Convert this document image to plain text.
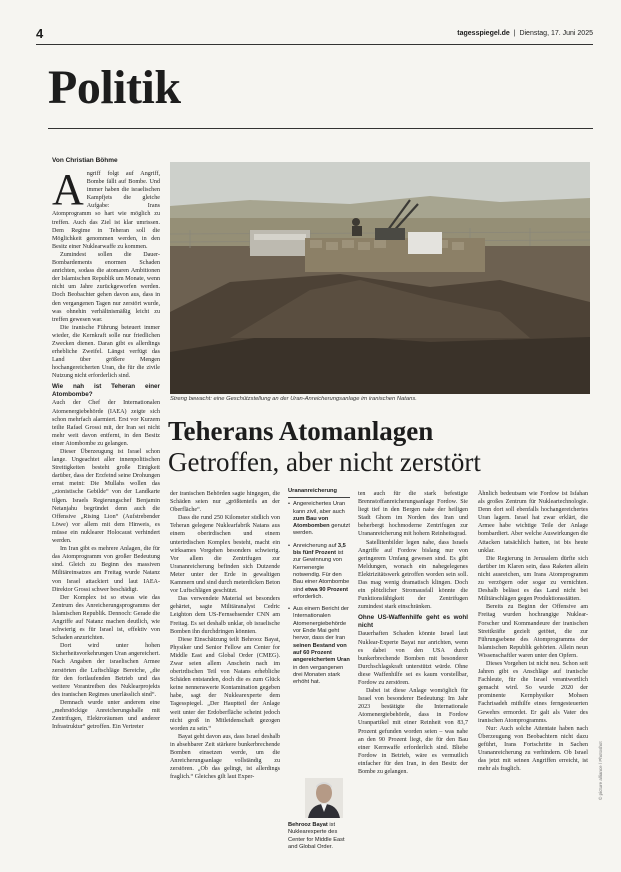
4	tagesspiegel.de  |  Dienstag, 17. Juni 2025
Politik
Von Christian Böhme

Angriff folgt auf Angriff, Bombe fällt auf Bombe. Und immer haben die israelischen Kampfjets die gleiche Aufgabe: Irans Atomprogramm so hart wie möglich zu treffen. Auch das Ziel ist klar umrissen. Dem Regime in Teheran soll die Möglichkeit genommen werden, in den Besitz einer Nuklearwaffe zu kommen.

Zumindest sollen die Dauer-Bombardements enormen Schaden anrichten, sodass die atomaren Ambitionen der Islamischen Republik um Monate, wenn nicht um Jahre zurückgeworfen werden. Doch Beobachter gehen davon aus, dass in den vergangenen Tagen nur zerstört wurde, was ohnehin verhältnismäßig leicht zu treffen gewesen war.

Die iranische Führung beteuert immer wieder, die Kernkraft solle nur friedlichen Zwecken dienen. Daran gibt es allerdings erhebliche Zweifel. Längst verfügt das Land über größere Mengen hochangereicherten Uran, die für die zivile Nutzung nicht erforderlich sind.

Wie nah ist Teheran einer Atombombe?

Auch der Chef der Internationalen Atomenergiebehörde (IAEA) zeigte sich schon mehrfach alarmiert. Erst vor Kurzem teilte Rafael Grossi mit, der Iran sei nicht mehr weit davon entfernt, in den Besitz einer Atombombe zu gelangen.

Dieser Überzeugung ist Israel schon lange. Ungeachtet aller innenpolitischen Streitigkeiten besteht große Einigkeit darüber, dass der Erzfeind seine Drohungen ernst meint: Die Mullahs wollen das „zionistische Gebilde“ von der Landkarte tilgen. Israels Regierungschef Benjamin Netanjahu begründet denn auch die Offensive „Rising Lion“ (Aufstrebender Löwe) vor allem mit dem Hinweis, es müsse ein nuklearer Holocaust verhindert werden.

Im Iran gibt es mehrere Anlagen, die für das Atomprogramm von großer Bedeutung sind. Gleich zu Beginn des massiven Militäreinsatzes am Freitag wurde Natanz von Israel attackiert und laut IAEA-Direktor Grossi schwer beschädigt.

Der Komplex ist so etwas wie das Zentrum des Anreicherungsprogramms der Islamischen Republik. Dennoch: Gerade die Angriffe auf Natanz machen deutlich, wie schwierig es für Israel ist, effektiv von Schaden anzurichten.

Dort wird unter hohen Sicherheitsvorkehrungen Uran angereichert. Nach Angaben der israelischen Armee zerstörten die Luftschläge Bereiche, „die für den fortlaufenden Betrieb und das weitere Vorantreiben des Nuklearprojekts des iranischen Regimes unerlässlich sind“.

Demnach wurde unter anderem eine „mehrstöckige Anreicherungshalle mit Zentrifugen, Elektroräumen und anderer Infrastruktur“ getroffen. Ein Vertreter

Streng bewacht: eine Geschützstellung an der Uran-Anreicherungsanlage im iranischen Natans.
Teherans Atomanlagen
Getroffen, aber nicht zerstört

der iranischen Behörden sagte hingegen, die Schäden seien nur „größtenteils an der Oberfläche“.

Dass die rund 250 Kilometer südlich von Teheran gelegene Nuklearfabrik Natans aus einem oberirdischen und einem unterirdischen Komplex besteht, macht ein wirksames Vorgehen besonders schwierig. Vor allem die Zentrifugen zur Urananreicherung befinden sich Dutzende Meter unter der Erde in gewaltigen Kammern und sind durch meterdicken Beton vor Luftschlägen geschützt.

Das verwendete Material sei besonders gehärtet, sagte Militäranalyst Cedric Leighton dem US-Fernsehsender CNN am Freitag. Es sei deshalb unklar, ob israelische Bomben ihn durchdringen könnten.

Diese Einschätzung teilt Behrooz Bayat, Physiker und Senior Fellow am Center for Middle East and Global Order (CMEG). Zwar seien allem Anschein nach im oberirdischen Teil von Natans erhebliche Schäden entstanden, doch die es zum Glück keine nennenswerte Kontamination gegeben habe, sagt der Nuklearexperte dem Tagesspiegel. „Der Hauptteil der Anlage weit unter der Erdoberfläche scheint jedoch nicht groß in Mitleidenschaft gezogen worden zu sein.“

Bayat geht davon aus, dass Israel deshalb in absehbarer Zeit stärkere bunkerbrechende Bomben einsetzen werde, um die Anreicherungsanlage vollständig zu zerstören. „Ob das gelingt, ist allerdings fraglich.“ Gleiches gilt laut Exper-

Urananreicherung
• Angereichertes Uran kann zivil, aber auch zum Bau von Atombomben genutzt werden.
• Anreicherung auf 3,5 bis fünf Prozent ist zur Gewinnung von Kernenergie notwendig. Für den Bau einer Atombombe sind etwa 90 Prozent erforderlich.
• Aus einem Bericht der Internationalen Atomenergiebehörde vor Ende Mai geht hervor, dass der Iran seinen Bestand von auf 60 Prozent angereichertem Uran in den vergangenen drei Monaten stark erhöht hat.
Behrooz Bayat ist Nuklearexperte des Center for Middle East and Global Order.

ten auch für die stark befestigte Brennstoffanreicherungsanlage Fordow. Sie liegt tief in den Bergen nahe der heiligen Stadt Ghom im Norden des Iran und beherbergt hochmoderne Zentrifugen zur Urananreicherung mit hohem Reinheitsgrad.

Satellitenbilder legen nahe, dass Israels Angriffe auf Fordow bislang nur von geringerem Umfang gewesen sind. Es gibt Meldungen, wonach ein nahegelegenes Elektrizitätswerk getroffen worden sein soll. Das mag wenig dramatisch klingen. Doch ein plötzlicher Stromausfall könnte die Funktionsfähigkeit der Zentrifugen zumindest stark einschränken.

Ohne US-Waffenhilfe geht es wohl nicht

Dauerhaften Schaden könnte Israel laut Nuklear-Experte Bayat nur anrichten, wenn es dabei von den USA durch bunkerbrechende Bomben mit besonderer Durchschlagskraft unterstützt würde. Ohne diese Waffenhilfe sei es kaum vorstellbar, Fordow zu zerstören.

Dabei ist diese Anlage womöglich für Israel von besonderer Bedeutung: Im Jahr 2023 bestätigte die Internationale Atomenergiebehörde, dass in Fordow Uranpartikel mit einer Reinheit von 83,7 Prozent gefunden worden seien – was nahe an den 90 Prozent liegt, die für den Bau einer Kernwaffe erforderlich sind. Bliebe Fordow in Betrieb, wäre es vermutlich einfacher für den Iran, in den Besitz der Bombe zu gelangen.

Ähnlich bedeutsam wie Fordow ist Isfahan als großes Zentrum für Nukleartechnologie. Denn dort soll ebenfalls hochangereichertes Uran lagern. Israel hat zwar erklärt, die Armee habe wichtige Teile der Anlage bombardiert. Aber welche Auswirkungen die Attacken tatsächlich hatten, ist bis heute unklar.

Die Regierung in Jerusalem dürfte sich darüber im Klaren sein, dass Raketen allein nicht ausreichen, um Irans Atomprogramm zu verzögern oder sogar zu vernichten. Deshalb belässt es das Land nicht bei Militärschlägen gegen Produktionsstätten.

Bereits zu Beginn der Offensive am Freitag wurden hochrangige Nuklear-Forscher und Kommandeure der iranischen Streitkräfte gezielt getötet, die zur Führungsebene des Atomprogramms der Islamischen Republik gehörten. Allein neun Wissenschaftler waren unter den Opfern.

Dieses Vorgehen ist nicht neu. Schon seit Jahren gibt es Anschläge auf iranische Fachleute, für die Israel verantwortlich gemacht wird. So wurde 2020 der prominente Kernphysiker Mohsen Fachrisadeh mithilfe eines ferngesteuerten Gewehrs ermordet. Er galt als Vater des iranischen Atomprogramms.

Nur: Auch solche Attentate haben nach Überzeugung von Beobachtern nicht dazu geführt, Irans Fortschritte in Sachen Urananreicherung zu verhindern. Ob Israel das jetzt mit seinen Angriffen erreicht, ist mehr als fraglich.	© picture alliance / Photoshot
